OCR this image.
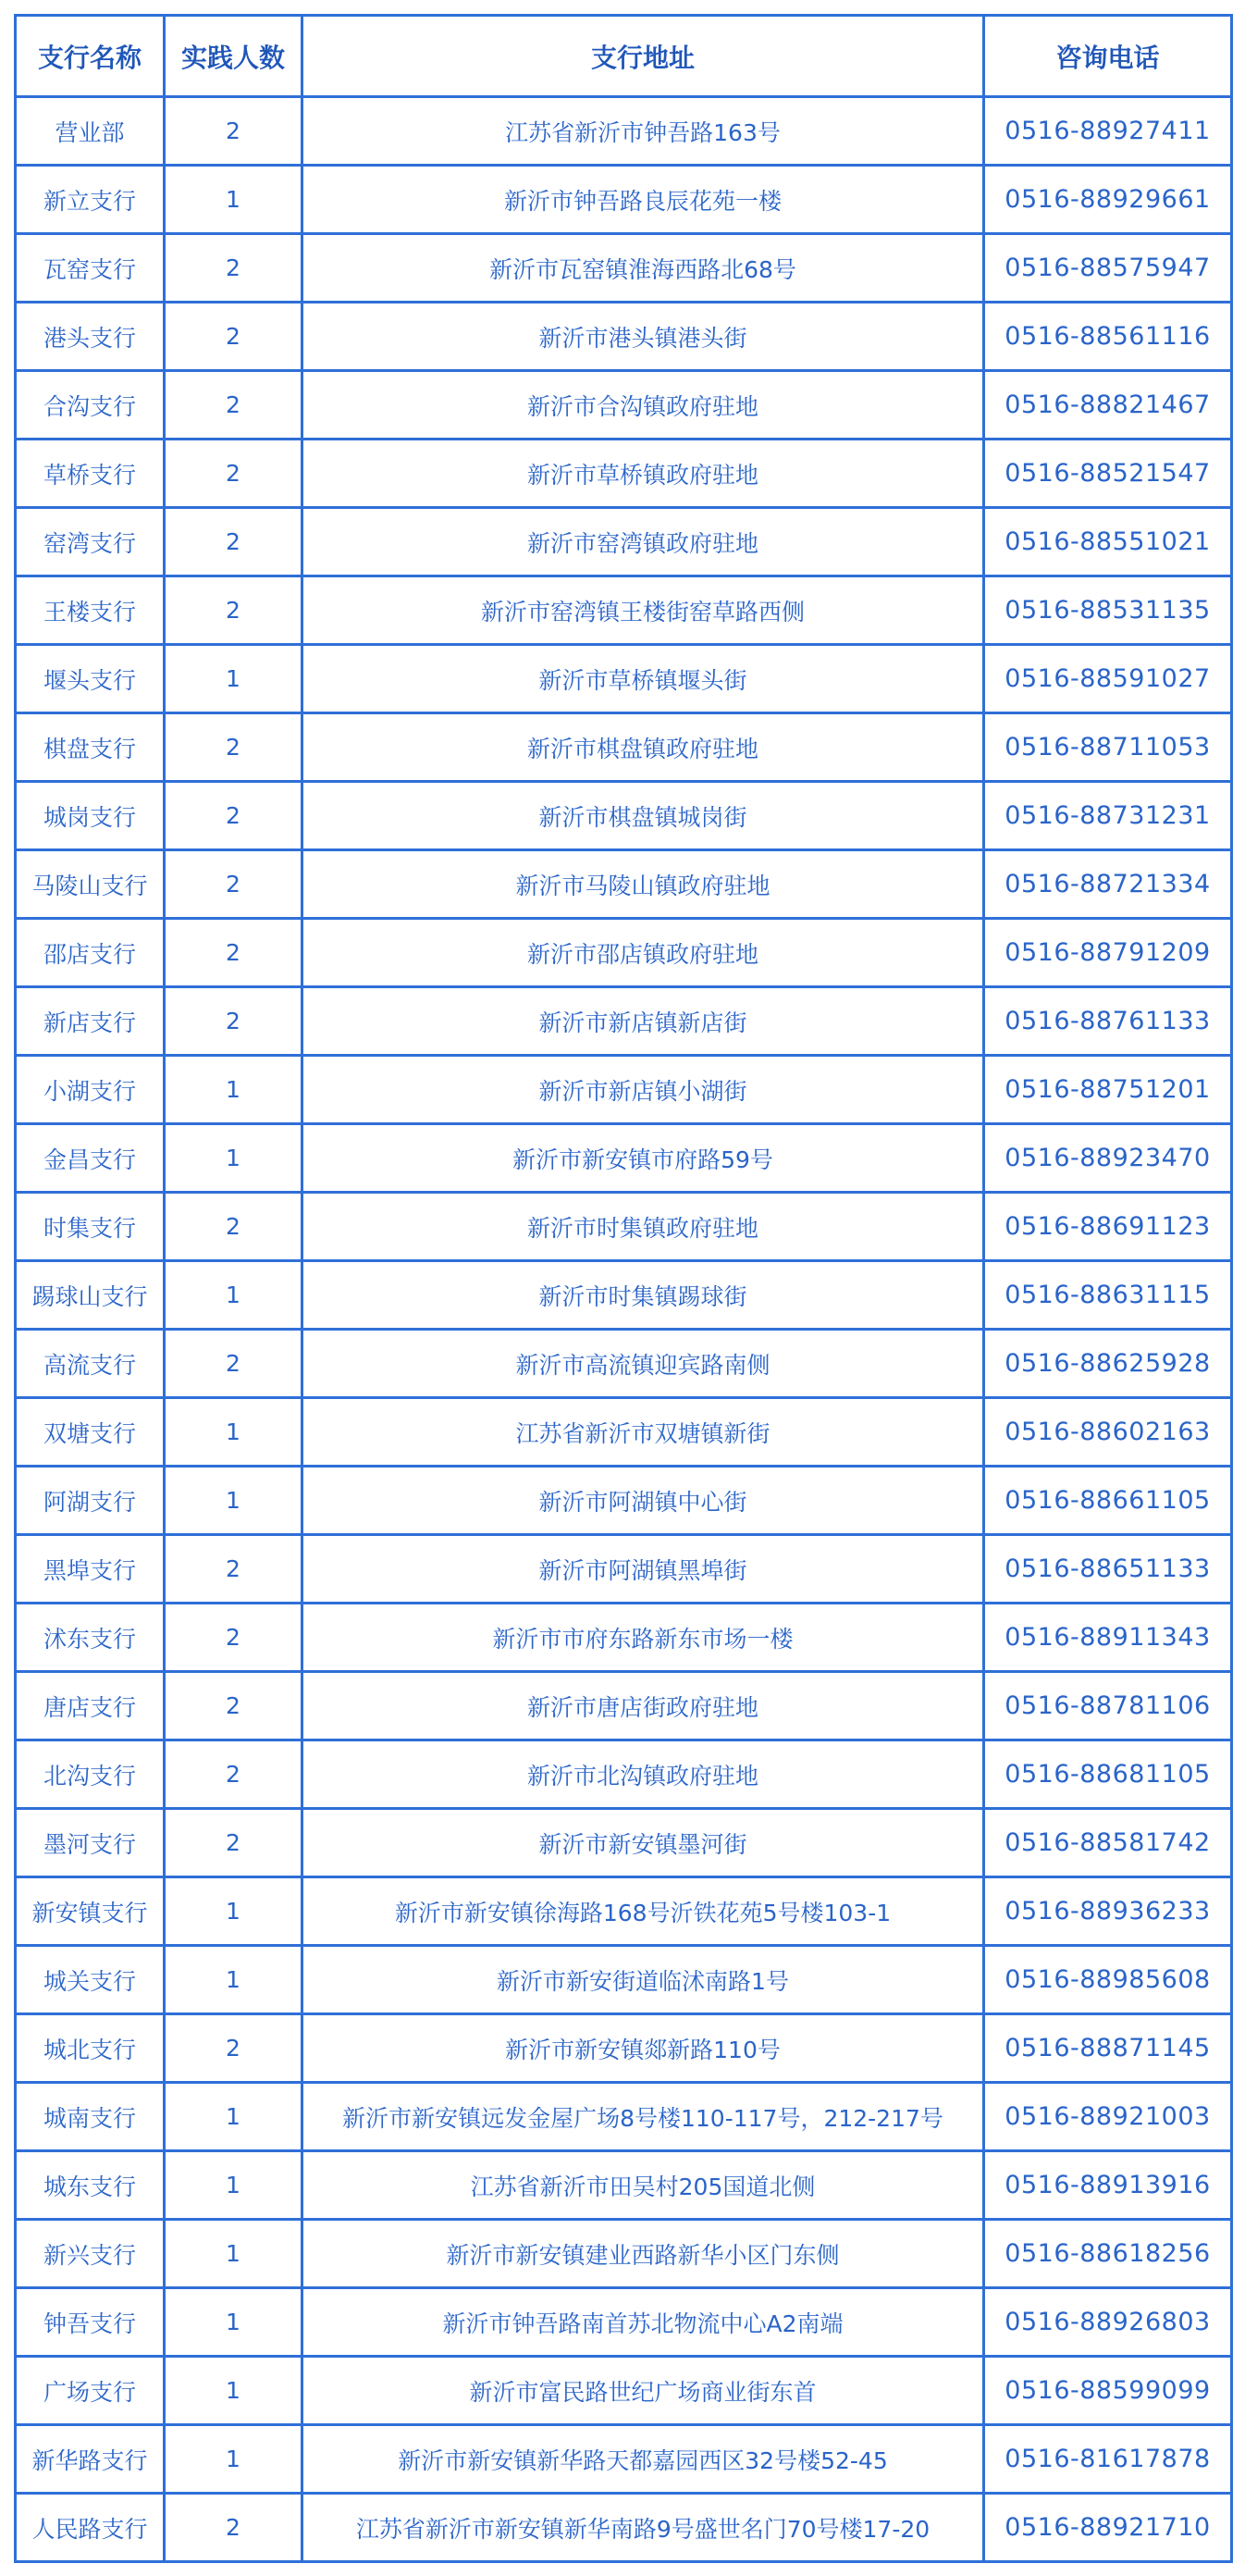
支行名称	实践人数	支行地址	咨询电话
营业部	2	江苏省新沂市钟吾路163号	0516-88927411
新立支行	1	新沂市钟吾路良辰花苑一楼	0516-88929661
瓦窑支行	2	新沂市瓦窑镇淮海西路北68号	0516-88575947
港头支行	2	新沂市港头镇港头街	0516-88561116
合沟支行	2	新沂市合沟镇政府驻地	0516-88821467
草桥支行	2	新沂市草桥镇政府驻地	0516-88521547
窑湾支行	2	新沂市窑湾镇政府驻地	0516-88551021
王楼支行	2	新沂市窑湾镇王楼街窑草路西侧	0516-88531135
堰头支行	1	新沂市草桥镇堰头街	0516-88591027
棋盘支行	2	新沂市棋盘镇政府驻地	0516-88711053
城岗支行	2	新沂市棋盘镇城岗街	0516-88731231
马陵山支行	2	新沂市马陵山镇政府驻地	0516-88721334
邵店支行	2	新沂市邵店镇政府驻地	0516-88791209
新店支行	2	新沂市新店镇新店街	0516-88761133
小湖支行	1	新沂市新店镇小湖街	0516-88751201
金昌支行	1	新沂市新安镇市府路59号	0516-88923470
时集支行	2	新沂市时集镇政府驻地	0516-88691123
踢球山支行	1	新沂市时集镇踢球街	0516-88631115
高流支行	2	新沂市高流镇迎宾路南侧	0516-88625928
双塘支行	1	江苏省新沂市双塘镇新街	0516-88602163
阿湖支行	1	新沂市阿湖镇中心街	0516-88661105
黑埠支行	2	新沂市阿湖镇黑埠街	0516-88651133
沭东支行	2	新沂市市府东路新东市场一楼	0516-88911343
唐店支行	2	新沂市唐店街政府驻地	0516-88781106
北沟支行	2	新沂市北沟镇政府驻地	0516-88681105
墨河支行	2	新沂市新安镇墨河街	0516-88581742
新安镇支行	1	新沂市新安镇徐海路168号沂铁花苑5号楼103-1	0516-88936233
城关支行	1	新沂市新安街道临沭南路1号	0516-88985608
城北支行	2	新沂市新安镇郯新路110号	0516-88871145
城南支行	1	新沂市新安镇远发金屋广场8号楼110-117号，212-217号	0516-88921003
城东支行	1	江苏省新沂市田吴村205国道北侧	0516-88913916
新兴支行	1	新沂市新安镇建业西路新华小区门东侧	0516-88618256
钟吾支行	1	新沂市钟吾路南首苏北物流中心A2南端	0516-88926803
广场支行	1	新沂市富民路世纪广场商业街东首	0516-88599099
新华路支行	1	新沂市新安镇新华路天都嘉园西区32号楼52-45	0516-81617878
人民路支行	2	江苏省新沂市新安镇新华南路9号盛世名门70号楼17-20	0516-88921710
